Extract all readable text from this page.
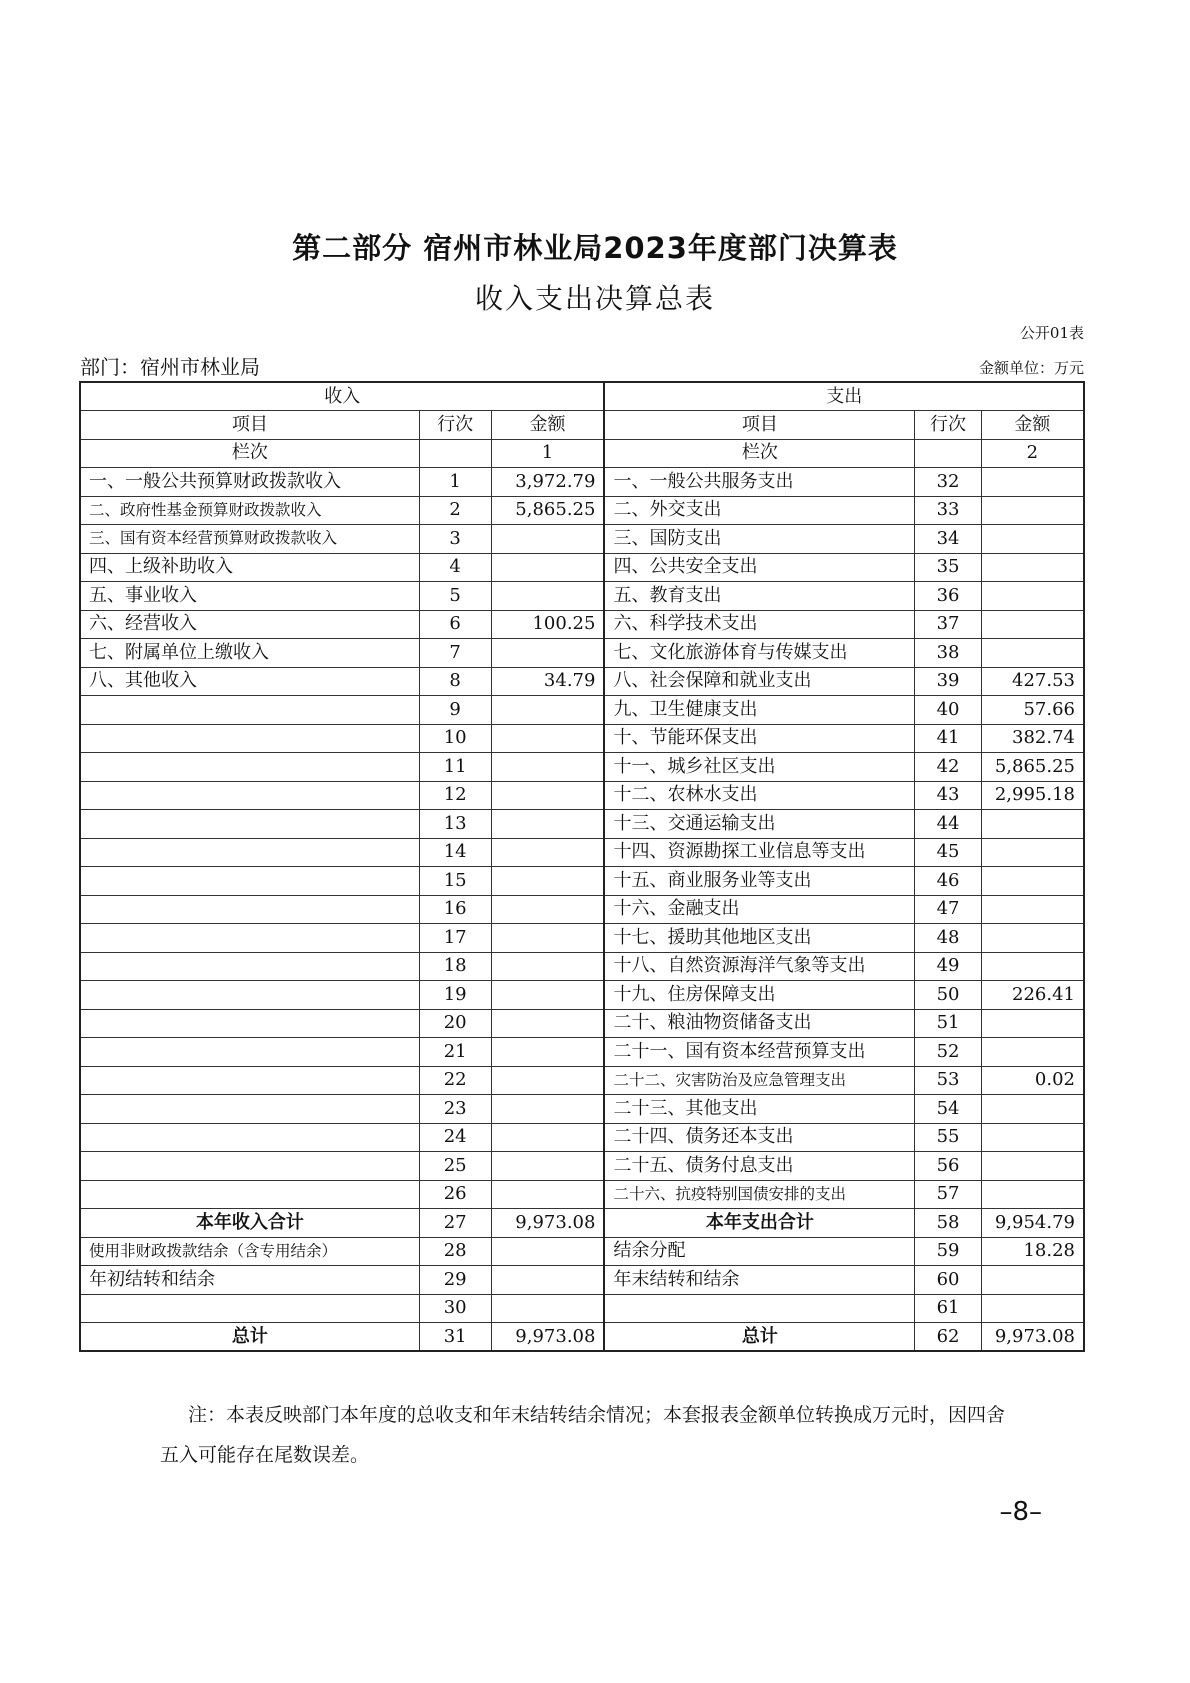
第二部分 宿州市林业局2023年度部门决算表
收入支出决算总表
公开01表
部门：宿州市林业局	金额单位：万元
收入			支出		
项目	行次	金额	项目	行次	金额
栏次		1	栏次		2
一、一般公共预算财政拨款收入	1	3,972.79	一、一般公共服务支出	32	
二、政府性基金预算财政拨款收入	2	5,865.25	二、外交支出	33	
三、国有资本经营预算财政拨款收入	3		三、国防支出	34	
四、上级补助收入	4		四、公共安全支出	35	
五、事业收入	5		五、教育支出	36	
六、经营收入	6	100.25	六、科学技术支出	37	
七、附属单位上缴收入	7		七、文化旅游体育与传媒支出	38	
八、其他收入	8	34.79	八、社会保障和就业支出	39	427.53
	9		九、卫生健康支出	40	57.66
	10		十、节能环保支出	41	382.74
	11		十一、城乡社区支出	42	5,865.25
	12		十二、农林水支出	43	2,995.18
	13		十三、交通运输支出	44	
	14		十四、资源勘探工业信息等支出	45	
	15		十五、商业服务业等支出	46	
	16		十六、金融支出	47	
	17		十七、援助其他地区支出	48	
	18		十八、自然资源海洋气象等支出	49	
	19		十九、住房保障支出	50	226.41
	20		二十、粮油物资储备支出	51	
	21		二十一、国有资本经营预算支出	52	
	22		二十二、灾害防治及应急管理支出	53	0.02
	23		二十三、其他支出	54	
	24		二十四、债务还本支出	55	
	25		二十五、债务付息支出	56	
	26		二十六、抗疫特别国债安排的支出	57	
本年收入合计	27	9,973.08	本年支出合计	58	9,954.79
使用非财政拨款结余（含专用结余）	28		结余分配	59	18.28
年初结转和结余	29		年末结转和结余	60	
	30			61	
总计	31	9,973.08	总计	62	9,973.08
注：本表反映部门本年度的总收支和年末结转结余情况；本套报表金额单位转换成万元时，因四舍
五入可能存在尾数误差。
–8–
